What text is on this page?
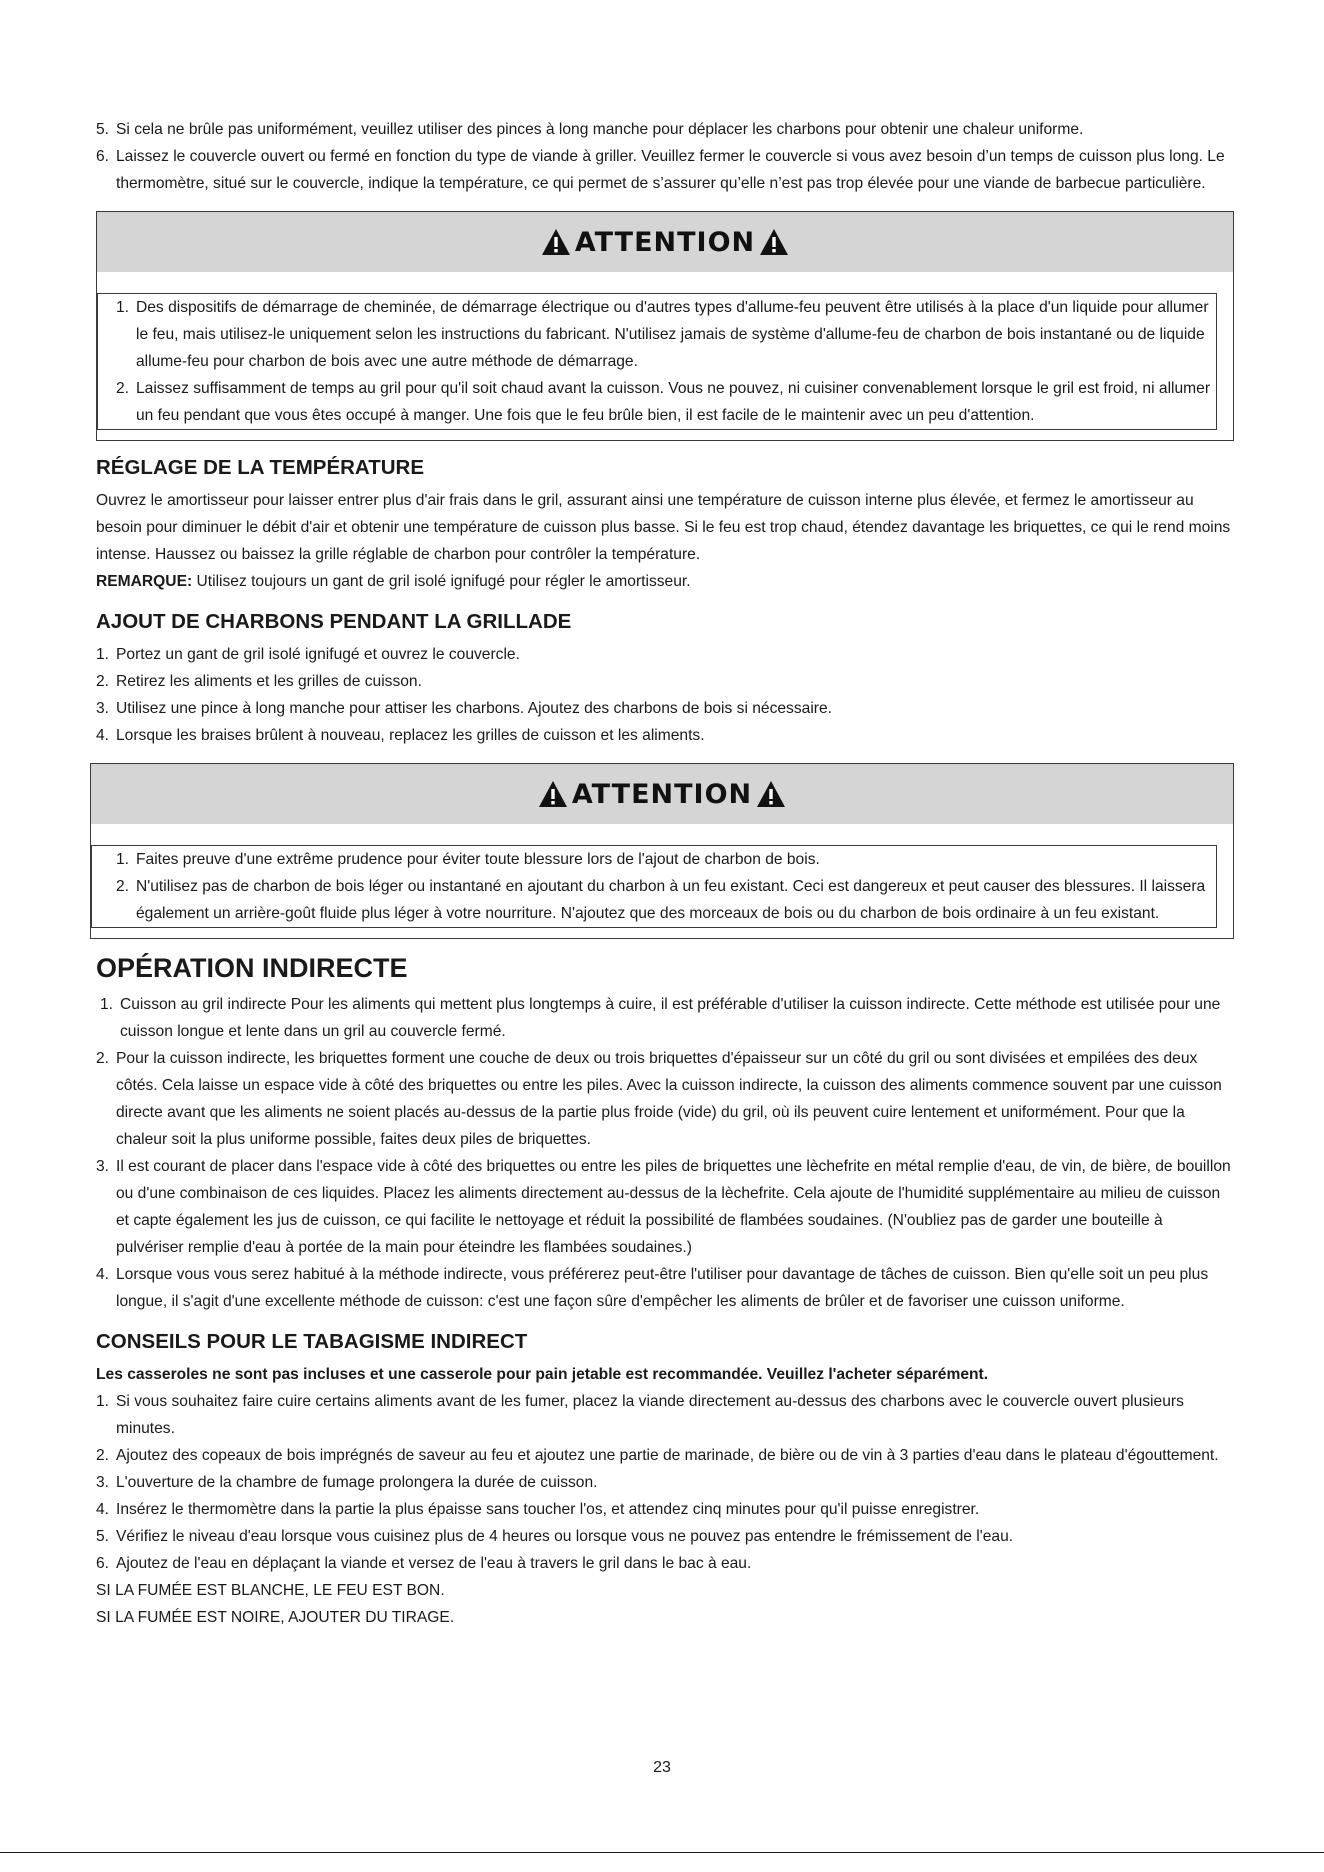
5. Si cela ne brûle pas uniformément, veuillez utiliser des pinces à long manche pour déplacer les charbons pour obtenir une chaleur uniforme.
6. Laissez le couvercle ouvert ou fermé en fonction du type de viande à griller. Veuillez fermer le couvercle si vous avez besoin d’un temps de cuisson plus long. Le thermomètre, situé sur le couvercle, indique la température, ce qui permet de s’assurer qu’elle n’est pas trop élevée pour une viande de barbecue particulière.
ATTENTION
1. Des dispositifs de démarrage de cheminée, de démarrage électrique ou d'autres types d'allume-feu peuvent être utilisés à la place d'un liquide pour allumer le feu, mais utilisez-le uniquement selon les instructions du fabricant. N'utilisez jamais de système d'allume-feu de charbon de bois instantané ou de liquide allume-feu pour charbon de bois avec une autre méthode de démarrage.
2. Laissez suffisamment de temps au gril pour qu'il soit chaud avant la cuisson. Vous ne pouvez, ni cuisiner convenablement lorsque le gril est froid, ni allumer un feu pendant que vous êtes occupé à manger. Une fois que le feu brûle bien, il est facile de le maintenir avec un peu d'attention.
RÉGLAGE DE LA TEMPÉRATURE

Ouvrez le amortisseur pour laisser entrer plus d'air frais dans le gril, assurant ainsi une température de cuisson interne plus élevée, et fermez le amortisseur au besoin pour diminuer le débit d'air et obtenir une température de cuisson plus basse. Si le feu est trop chaud, étendez davantage les briquettes, ce qui le rend moins intense. Haussez ou baissez la grille réglable de charbon pour contrôler la température.

REMARQUE: Utilisez toujours un gant de gril isolé ignifugé pour régler le amortisseur.

AJOUT DE CHARBONS PENDANT LA GRILLADE
1. Portez un gant de gril isolé ignifugé et ouvrez le couvercle.
2. Retirez les aliments et les grilles de cuisson.
3. Utilisez une pince à long manche pour attiser les charbons. Ajoutez des charbons de bois si nécessaire.
4. Lorsque les braises brûlent à nouveau, replacez les grilles de cuisson et les aliments.
ATTENTION
1. Faites preuve d'une extrême prudence pour éviter toute blessure lors de l'ajout de charbon de bois.
2. N'utilisez pas de charbon de bois léger ou instantané en ajoutant du charbon à un feu existant. Ceci est dangereux et peut causer des blessures. Il laissera également un arrière-goût fluide plus léger à votre nourriture. N'ajoutez que des morceaux de bois ou du charbon de bois ordinaire à un feu existant.
OPÉRATION INDIRECTE
1. Cuisson au gril indirecte Pour les aliments qui mettent plus longtemps à cuire, il est préférable d'utiliser la cuisson indirecte. Cette méthode est utilisée pour une cuisson longue et lente dans un gril au couvercle fermé.
2. Pour la cuisson indirecte, les briquettes forment une couche de deux ou trois briquettes d'épaisseur sur un côté du gril ou sont divisées et empilées des deux côtés. Cela laisse un espace vide à côté des briquettes ou entre les piles. Avec la cuisson indirecte, la cuisson des aliments commence souvent par une cuisson directe avant que les aliments ne soient placés au-dessus de la partie plus froide (vide) du gril, où ils peuvent cuire lentement et uniformément. Pour que la chaleur soit la plus uniforme possible, faites deux piles de briquettes.
3. Il est courant de placer dans l'espace vide à côté des briquettes ou entre les piles de briquettes une lèchefrite en métal remplie d'eau, de vin, de bière, de bouillon ou d'une combinaison de ces liquides. Placez les aliments directement au-dessus de la lèchefrite. Cela ajoute de l'humidité supplémentaire au milieu de cuisson et capte également les jus de cuisson, ce qui facilite le nettoyage et réduit la possibilité de flambées soudaines. (N'oubliez pas de garder une bouteille à pulvériser remplie d'eau à portée de la main pour éteindre les flambées soudaines.)
4. Lorsque vous vous serez habitué à la méthode indirecte, vous préférerez peut-être l'utiliser pour davantage de tâches de cuisson. Bien qu'elle soit un peu plus longue, il s'agit d'une excellente méthode de cuisson: c'est une façon sûre d'empêcher les aliments de brûler et de favoriser une cuisson uniforme.
CONSEILS POUR LE TABAGISME INDIRECT

Les casseroles ne sont pas incluses et une casserole pour pain jetable est recommandée. Veuillez l'acheter séparément.

1. Si vous souhaitez faire cuire certains aliments avant de les fumer, placez la viande directement au-dessus des charbons avec le couvercle ouvert plusieurs minutes.
2. Ajoutez des copeaux de bois imprégnés de saveur au feu et ajoutez une partie de marinade, de bière ou de vin à 3 parties d'eau dans le plateau d'égouttement.
3. L'ouverture de la chambre de fumage prolongera la durée de cuisson.
4. Insérez le thermomètre dans la partie la plus épaisse sans toucher l'os, et attendez cinq minutes pour qu'il puisse enregistrer.
5. Vérifiez le niveau d'eau lorsque vous cuisinez plus de 4 heures ou lorsque vous ne pouvez pas entendre le frémissement de l'eau.
6. Ajoutez de l'eau en déplaçant la viande et versez de l'eau à travers le gril dans le bac à eau.

SI LA FUMÉE EST BLANCHE, LE FEU EST BON.

SI LA FUMÉE EST NOIRE, AJOUTER DU TIRAGE.

23
